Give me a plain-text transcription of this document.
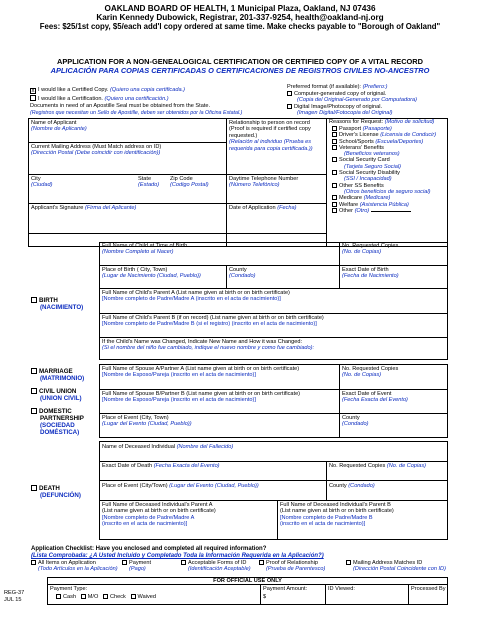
OAKLAND BOARD OF HEALTH, 1 Municipal Plaza, Oakland, NJ 07436
Karin Kennedy Dubowick, Registrar, 201-337-9254, health@oakland-nj.org
Fees: $25/1st copy, $5/each add'l copy ordered at same time. Make checks payable to "Borough of Oakland"
APPLICATION FOR A NON-GENEALOGICAL CERTIFICATION OR CERTIFIED COPY OF A VITAL RECORD
APLICACIÓN PARA COPIAS CERTIFICADAS O CERTIFICACIONES DE REGISTROS CIVILES NO-ANCESTRO
x I would like a Certified Copy. (Quiero una copia certificada.)
I would like a Certification. (Quiero una certificación.)
Documents in need of an Apostille Seal must be obtained from the State.
(Registros que necesitan un Sello de Apostille, deben ser obtenidos por la Oficina Estatal.)
Preferred format (if available): (Prefiero:)
Computer-generated copy of original.
(Copia del Original-Generado por Computadora)
Digital Image/Photocopy of original.
(Imagen Digital/Fotocopia del Original)
Name of Applicant
(Nombre de Aplicante)
Current Mailing Address (Must Match address on ID)
(Dirección Postal (Debe coincidir con identificación))
Relationship to person on record
(Proof is required if certified copy
requested.)
(Relación al individuo (Prueba es
requerida para copia certificada.))
City
(Ciudad)
State
(Estado)
Zip Code
(Codigo Postal)
Daytime Telephone Number
(Número Telefónico)
Applicant's Signature (Firma del Aplicante)	Date of Application (Fecha)
Reasons for Request: (Motivo de solicitud)
Passport (Pasaporte)
Driver's License (Licensia de Conducir)
School/Sports (Escuela/Deportes)
Veterans' Benefits
(Beneficios veteranos)
Social Security Card
(Tarjeta Seguro Social)
Social Security Disability
(SSI / Incapacidad)
Other SS Benefits
(Otros beneficios de seguro social)
Medicare (Medicare)
Welfare (Asistencia Pública)
Other (Otro)
Full Name of Child at Time of Birth
(Nombre Completo al Nacer)
No. Requested Copies
(No. de Copias)
Place of Birth ( City, Town)
(Lugar de Nacimiento (Ciudad, Pueblo))
County
(Condado)
Exact Date of Birth
(Fecha de Nacimiento)
Full Name of Child's Parent A (List name given at birth or on birth certificate)
[Nombre completo de Padre/Madre A (inscrito en el acta de nacimiento)]
Full Name of Child's Parent B (if on record) (List name given at birth or on birth certificate)
[Nombre completo de Padre/Madre B (si el registro) (inscrito en el acta de nacimiento)]
If the Child's Name was Changed, Indicate New Name and How it was Changed:
(Si el nombre del niño fue cambiado, indique el nuevo nombre y como fue cambiado):
BIRTH
(NACIMIENTO)
Full Name of Spouse A/Partner A (List name given at birth or on birth certificate)
[Nombre de Esposo/Pareja (inscrito en el acta de nacimiento)]
No. Requested Copies
(No. de Copias)
Full Name of Spouse B/Partner B (List name given at birth or on birth certificate)
[Nombre de Esposo/Pareja (inscrito en el acta de nacimiento)]
Exact Date of Event
(Fecha Exacta del Evento)
Place of Event (City, Town)
(Lugar del Evento (Ciudad, Pueblo))
County
(Condado)
MARRIAGE
(MATRIMONIO)
CIVIL UNION
(UNION CIVIL)
DOMESTIC
PARTNERSHIP
(SOCIEDAD
DOMÉSTICA)
Name of Deceased Individual (Nombre del Fallecido)
Exact Date of Death (Fecha Exacta del Evento)	No. Requested Copies (No. de Copias)
Place of Event (City/Town) (Lugar del Evento (Ciudad, Pueblo))	County (Condado)
Full Name of Deceased Individual's Parent A
(List name given at birth or on birth certificate)
[Nombre completo de Padre/Madre A
(inscrito en el acta de nacimiento)]
Full Name of Deceased Individual's Parent B
(List name given at birth or on birth certificate)
[Nombre completo de Padre/Madre B
(inscrito en el acta de nacimiento)]
DEATH
(DEFUNCIÓN)
Application Checklist: Have you enclosed and completed all required information?
(Lista Comprobada: ¿A Usted Incluido y Completado Toda la Información Requerida en la Aplicación?)
All Items on Application
(Todo Artículos en la Aplicación)
Payment
(Pago)
Acceptable Forms of ID
(Identificación Aceptable)
Proof of Relationship
(Prueba de Parentesco)
Mailing Address Matches ID
(Dirección Postal Coincidente con ID)
REG-37
JUL 15
FOR OFFICIAL USE ONLY
Payment Type:
Cash M/O Check Waived
Payment Amount:
$
ID Viewed:	Processed By
